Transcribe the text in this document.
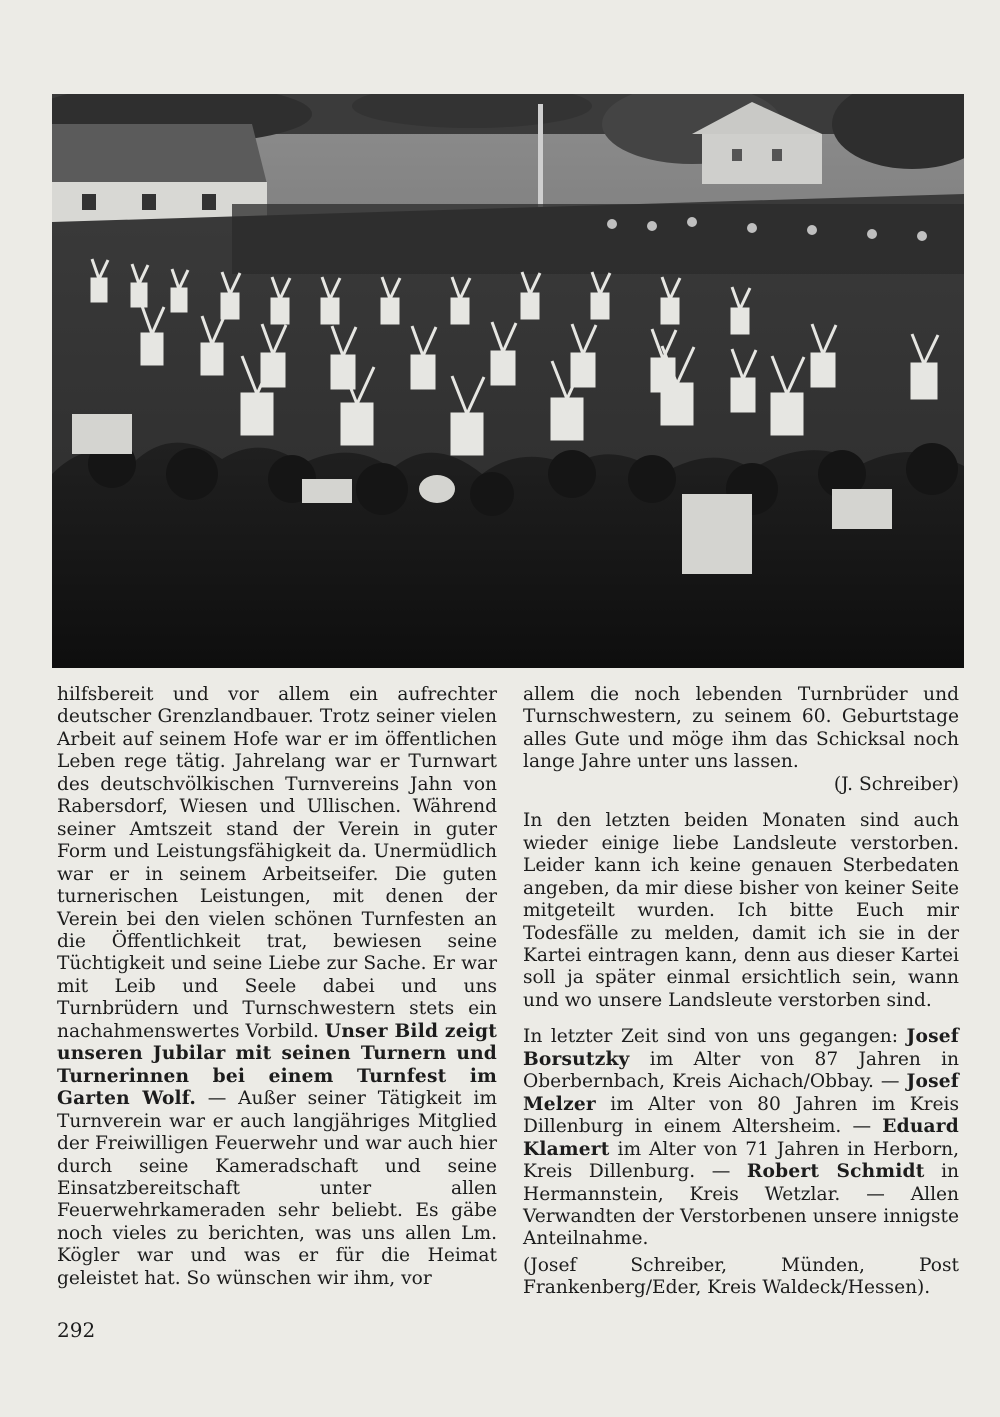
hilfsbereit und vor allem ein aufrechter deutscher Grenzlandbauer. Trotz seiner vielen Arbeit auf seinem Hofe war er im öffentlichen Leben rege tätig. Jahrelang war er Turnwart des deutschvölkischen Turnvereins Jahn von Rabersdorf, Wiesen und Ullischen. Während seiner Amtszeit stand der Verein in guter Form und Leistungsfähigkeit da. Unermüdlich war er in seinem Arbeitseifer. Die guten turnerischen Leistungen, mit denen der Verein bei den vielen schönen Turnfesten an die Öffentlichkeit trat, bewiesen seine Tüchtigkeit und seine Liebe zur Sache. Er war mit Leib und Seele dabei und uns Turnbrüdern und Turnschwestern stets ein nachahmenswertes Vorbild. Unser Bild zeigt unseren Jubilar mit seinen Turnern und Turnerinnen bei einem Turnfest im Garten Wolf. — Außer seiner Tätigkeit im Turnverein war er auch langjähriges Mitglied der Freiwilligen Feuerwehr und war auch hier durch seine Kameradschaft und seine Einsatzbereitschaft unter allen Feuerwehrkameraden sehr beliebt. Es gäbe noch vieles zu berichten, was uns allen Lm. Kögler war und was er für die Heimat geleistet hat. So wünschen wir ihm, vor

allem die noch lebenden Turnbrüder und Turnschwestern, zu seinem 60. Geburtstage alles Gute und möge ihm das Schicksal noch lange Jahre unter uns lassen.

(J. Schreiber)

In den letzten beiden Monaten sind auch wieder einige liebe Landsleute verstorben. Leider kann ich keine genauen Sterbedaten angeben, da mir diese bisher von keiner Seite mitgeteilt wurden. Ich bitte Euch mir Todesfälle zu melden, damit ich sie in der Kartei eintragen kann, denn aus dieser Kartei soll ja später einmal ersichtlich sein, wann und wo unsere Landsleute verstorben sind.

In letzter Zeit sind von uns gegangen: Josef Borsutzky im Alter von 87 Jahren in Oberbernbach, Kreis Aichach/Obbay. — Josef Melzer im Alter von 80 Jahren im Kreis Dillenburg in einem Altersheim. — Eduard Klamert im Alter von 71 Jahren in Herborn, Kreis Dillenburg. — Robert Schmidt in Hermannstein, Kreis Wetzlar. — Allen Verwandten der Verstorbenen unsere innigste Anteilnahme.

(Josef Schreiber, Münden, Post Frankenberg/Eder, Kreis Waldeck/Hessen).

292
